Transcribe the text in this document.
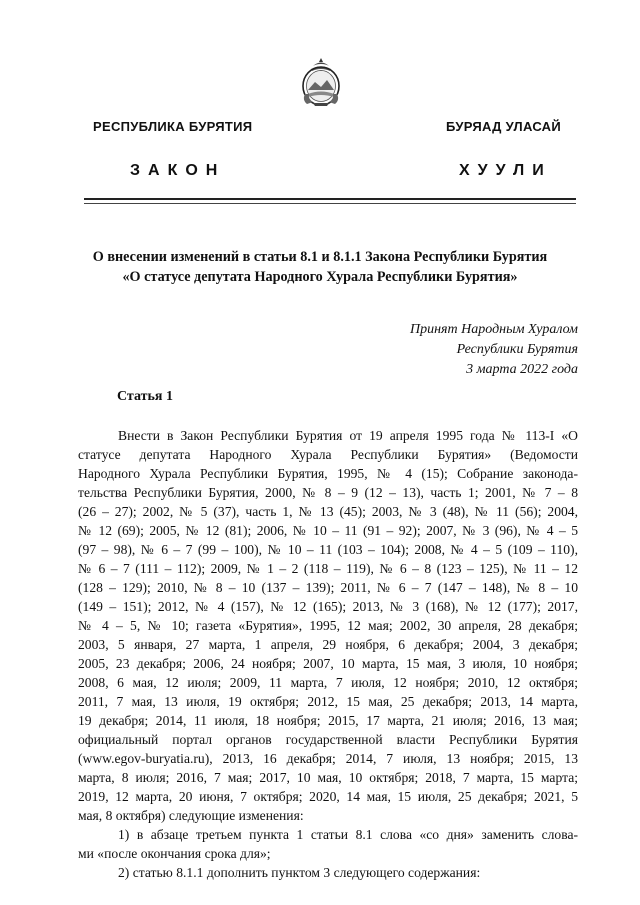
РЕСПУБЛИКА БУРЯТИЯ	БУРЯАД УЛАСАЙ
ЗАКОН	ХУУЛИ
О внесении изменений в статьи 8.1 и 8.1.1 Закона Республики Бурятия
«О статусе депутата Народного Хурала Республики Бурятия»
Принят Народным Хуралом
Республики Бурятия
3 марта 2022 года
Статья 1
Внести в Закон Республики Бурятия от 19 апреля 1995 года № 113-I «О
статусе депутата Народного Хурала Республики Бурятия» (Ведомости
Народного Хурала Республики Бурятия, 1995, № 4 (15); Собрание законода-
тельства Республики Бурятия, 2000, № 8 – 9 (12 – 13), часть 1; 2001, № 7 – 8
(26 – 27); 2002, № 5 (37), часть 1, № 13 (45); 2003, № 3 (48), № 11 (56); 2004,
№ 12 (69); 2005, № 12 (81); 2006, № 10 – 11 (91 – 92); 2007, № 3 (96), № 4 – 5
(97 – 98), № 6 – 7 (99 – 100), № 10 – 11 (103 – 104); 2008, № 4 – 5 (109 – 110),
№ 6 – 7 (111 – 112); 2009, № 1 – 2 (118 – 119), № 6 – 8 (123 – 125), № 11 – 12
(128 – 129); 2010, № 8 – 10 (137 – 139); 2011, № 6 – 7 (147 – 148), № 8 – 10
(149 – 151); 2012, № 4 (157), № 12 (165); 2013, № 3 (168), № 12 (177); 2017,
№ 4 – 5, № 10; газета «Бурятия», 1995, 12 мая; 2002, 30 апреля, 28 декабря;
2003, 5 января, 27 марта, 1 апреля, 29 ноября, 6 декабря; 2004, 3 декабря;
2005, 23 декабря; 2006, 24 ноября; 2007, 10 марта, 15 мая, 3 июля, 10 ноября;
2008, 6 мая, 12 июля; 2009, 11 марта, 7 июля, 12 ноября; 2010, 12 октября;
2011, 7 мая, 13 июля, 19 октября; 2012, 15 мая, 25 декабря; 2013, 14 марта,
19 декабря; 2014, 11 июля, 18 ноября; 2015, 17 марта, 21 июля; 2016, 13 мая;
официальный портал органов государственной власти Республики Бурятия
(www.egov-buryatia.ru), 2013, 16 декабря; 2014, 7 июля, 13 ноября; 2015, 13
марта, 8 июля; 2016, 7 мая; 2017, 10 мая, 10 октября; 2018, 7 марта, 15 марта;
2019, 12 марта, 20 июня, 7 октября; 2020, 14 мая, 15 июля, 25 декабря; 2021, 5
мая, 8 октября) следующие изменения:
1) в абзаце третьем пункта 1 статьи 8.1 слова «со дня» заменить слова-
ми «после окончания срока для»;
2) статью 8.1.1 дополнить пунктом 3 следующего содержания:
